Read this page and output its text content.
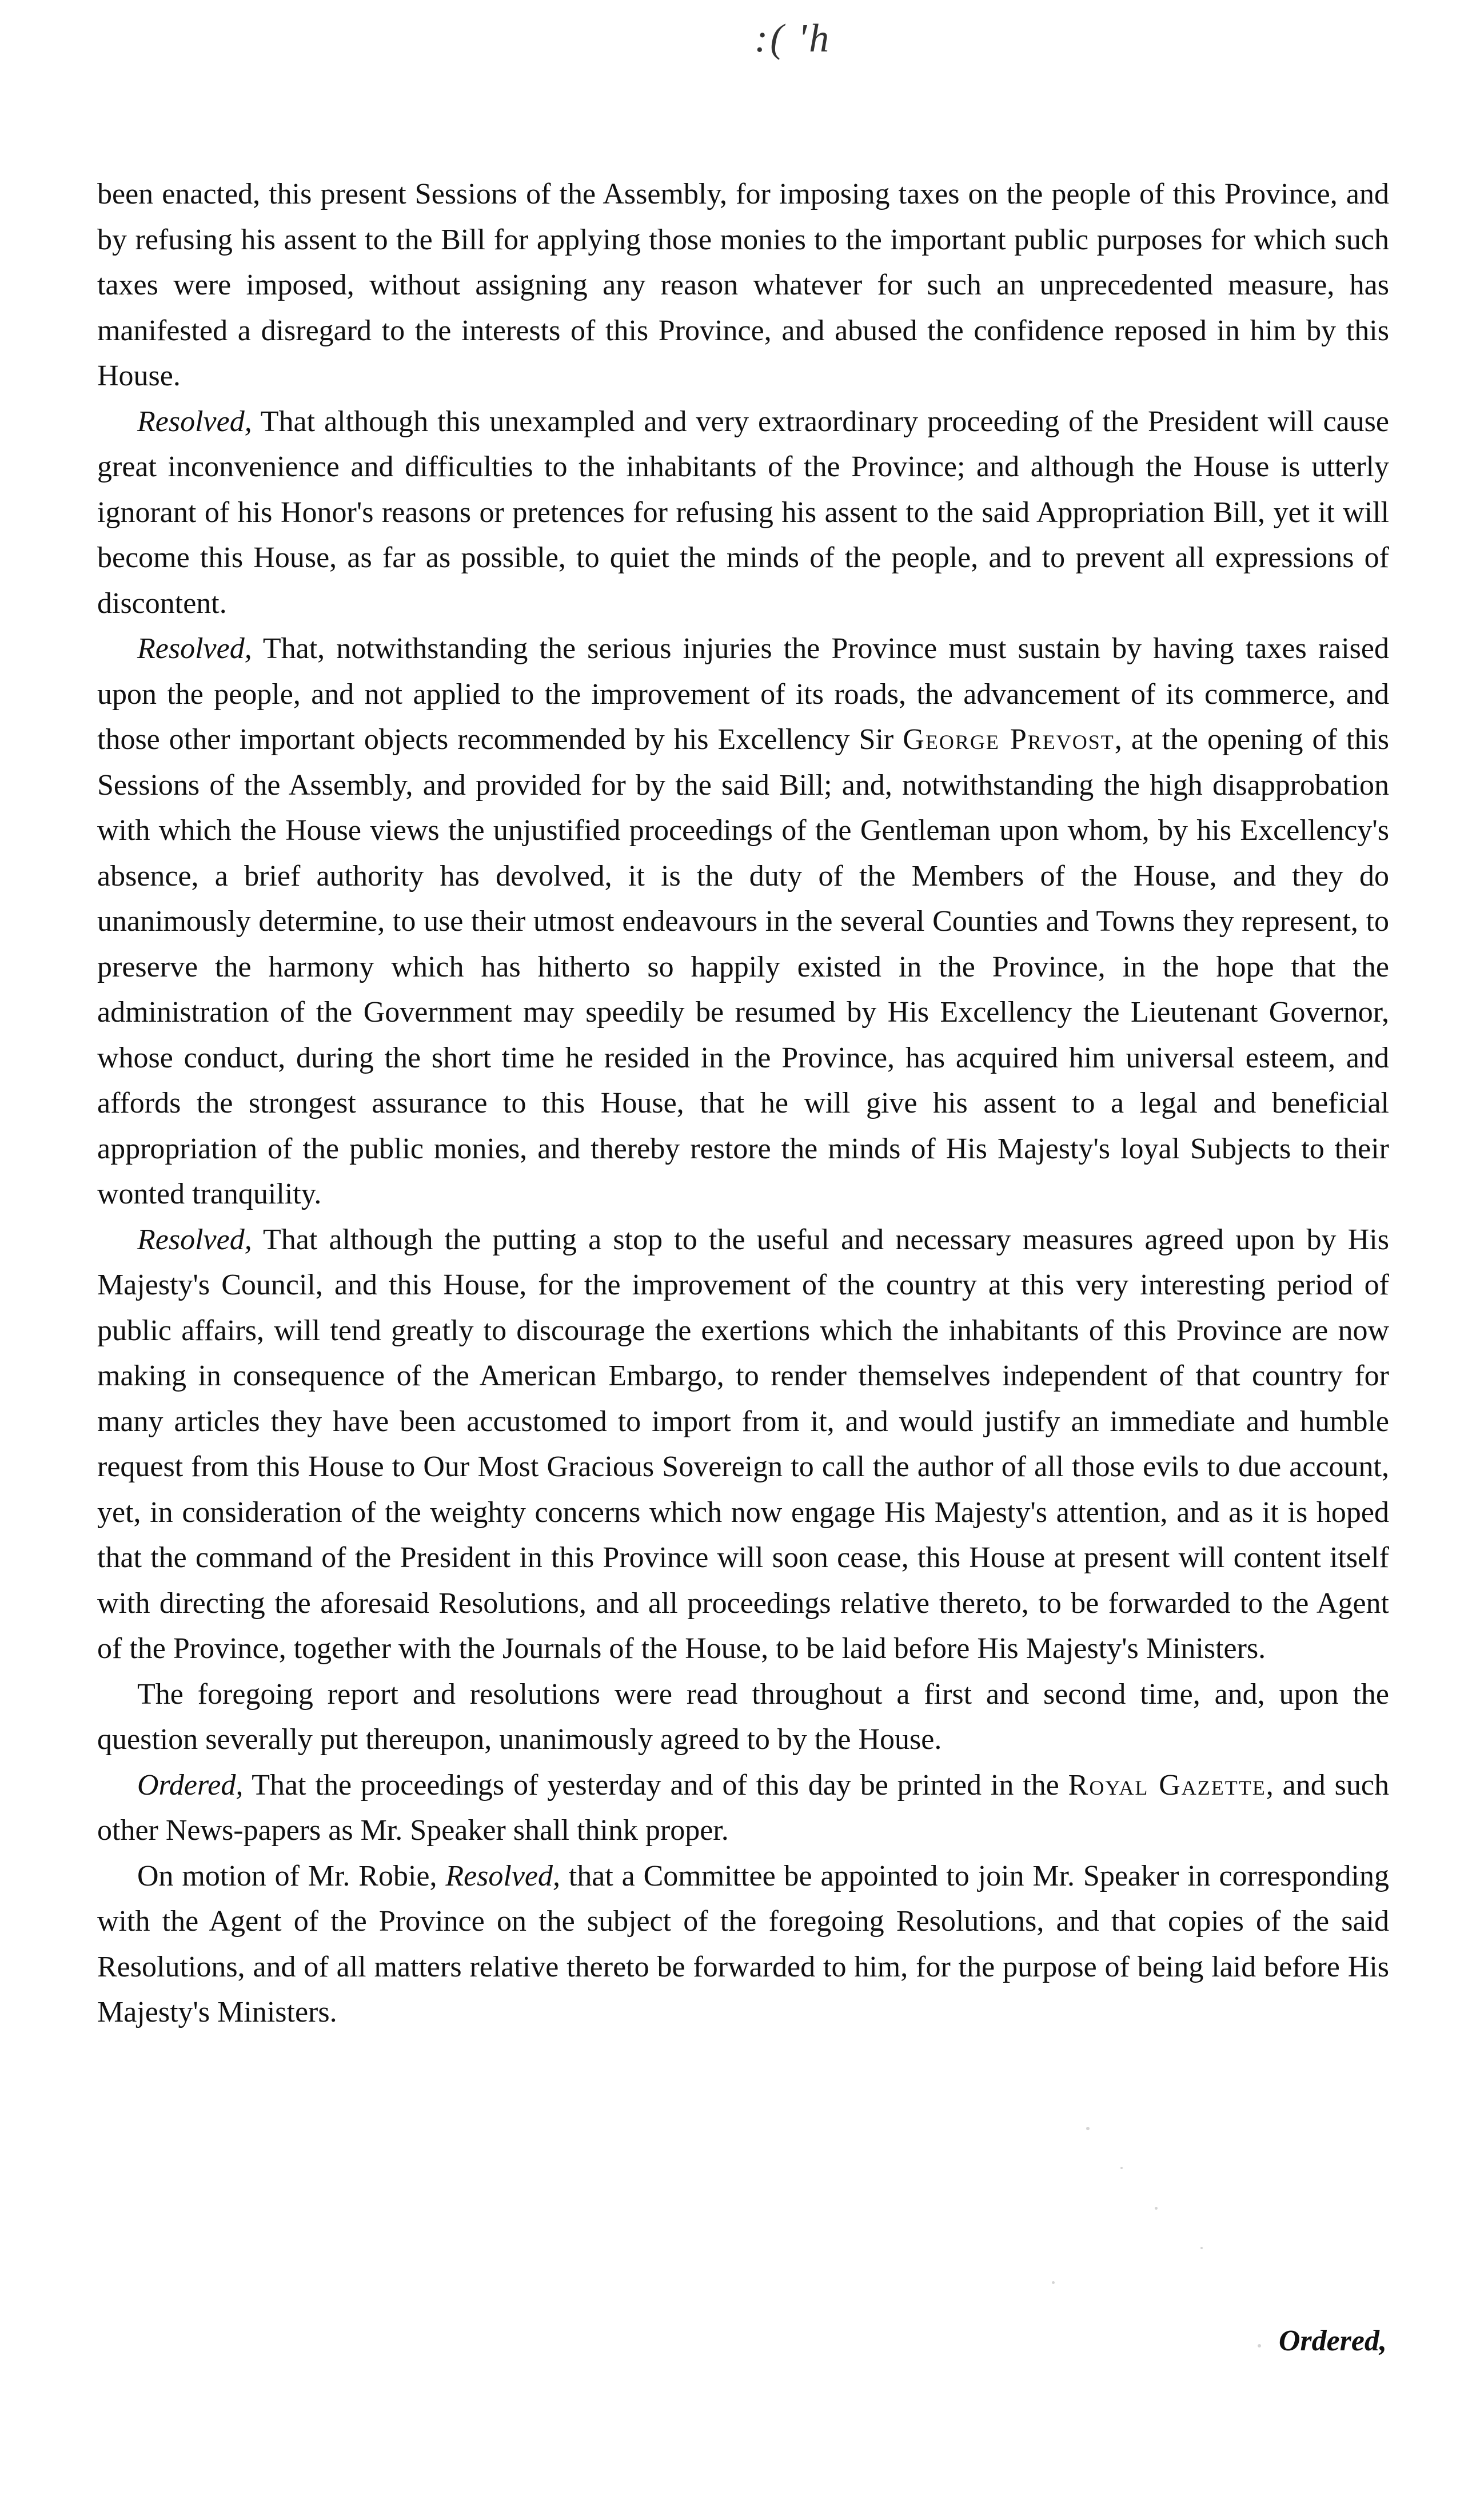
:( 'h

been enacted, this present Sessions of the Assembly, for imposing taxes on the people of this Province, and by refusing his assent to the Bill for applying those monies to the important public purposes for which such taxes were imposed, without assigning any reason whatever for such an unprecedented measure, has manifested a disregard to the interests of this Province, and abused the confidence reposed in him by this House.

Resolved, That although this unexampled and very extraordinary proceeding of the President will cause great inconvenience and difficulties to the inhabitants of the Province; and although the House is utterly ignorant of his Honor's reasons or pretences for refusing his assent to the said Appropriation Bill, yet it will become this House, as far as possible, to quiet the minds of the people, and to prevent all expressions of discontent.

Resolved, That, notwithstanding the serious injuries the Province must sustain by having taxes raised upon the people, and not applied to the improvement of its roads, the advancement of its commerce, and those other important objects recommended by his Excellency Sir George Prevost, at the opening of this Sessions of the Assembly, and provided for by the said Bill; and, notwithstanding the high disapprobation with which the House views the unjustified proceedings of the Gentleman upon whom, by his Excellency's absence, a brief authority has devolved, it is the duty of the Members of the House, and they do unanimously determine, to use their utmost endeavours in the several Counties and Towns they represent, to preserve the harmony which has hitherto so happily existed in the Province, in the hope that the administration of the Government may speedily be resumed by His Excellency the Lieutenant Governor, whose conduct, during the short time he resided in the Province, has acquired him universal esteem, and affords the strongest assurance to this House, that he will give his assent to a legal and beneficial appropriation of the public monies, and thereby restore the minds of His Majesty's loyal Subjects to their wonted tranquility.

Resolved, That although the putting a stop to the useful and necessary measures agreed upon by His Majesty's Council, and this House, for the improvement of the country at this very interesting period of public affairs, will tend greatly to discourage the exertions which the inhabitants of this Province are now making in consequence of the American Embargo, to render themselves independent of that country for many articles they have been accustomed to import from it, and would justify an immediate and humble request from this House to Our Most Gracious Sovereign to call the author of all those evils to due account, yet, in consideration of the weighty concerns which now engage His Majesty's attention, and as it is hoped that the command of the President in this Province will soon cease, this House at present will content itself with directing the aforesaid Resolutions, and all proceedings relative thereto, to be forwarded to the Agent of the Province, together with the Journals of the House, to be laid before His Majesty's Ministers.

The foregoing report and resolutions were read throughout a first and second time, and, upon the question severally put thereupon, unanimously agreed to by the House.

Ordered, That the proceedings of yesterday and of this day be printed in the Royal Gazette, and such other News-papers as Mr. Speaker shall think proper.

On motion of Mr. Robie, Resolved, that a Committee be appointed to join Mr. Speaker in corresponding with the Agent of the Province on the subject of the foregoing Resolutions, and that copies of the said Resolutions, and of all matters relative thereto be forwarded to him, for the purpose of being laid before His Majesty's Ministers.

Ordered,
